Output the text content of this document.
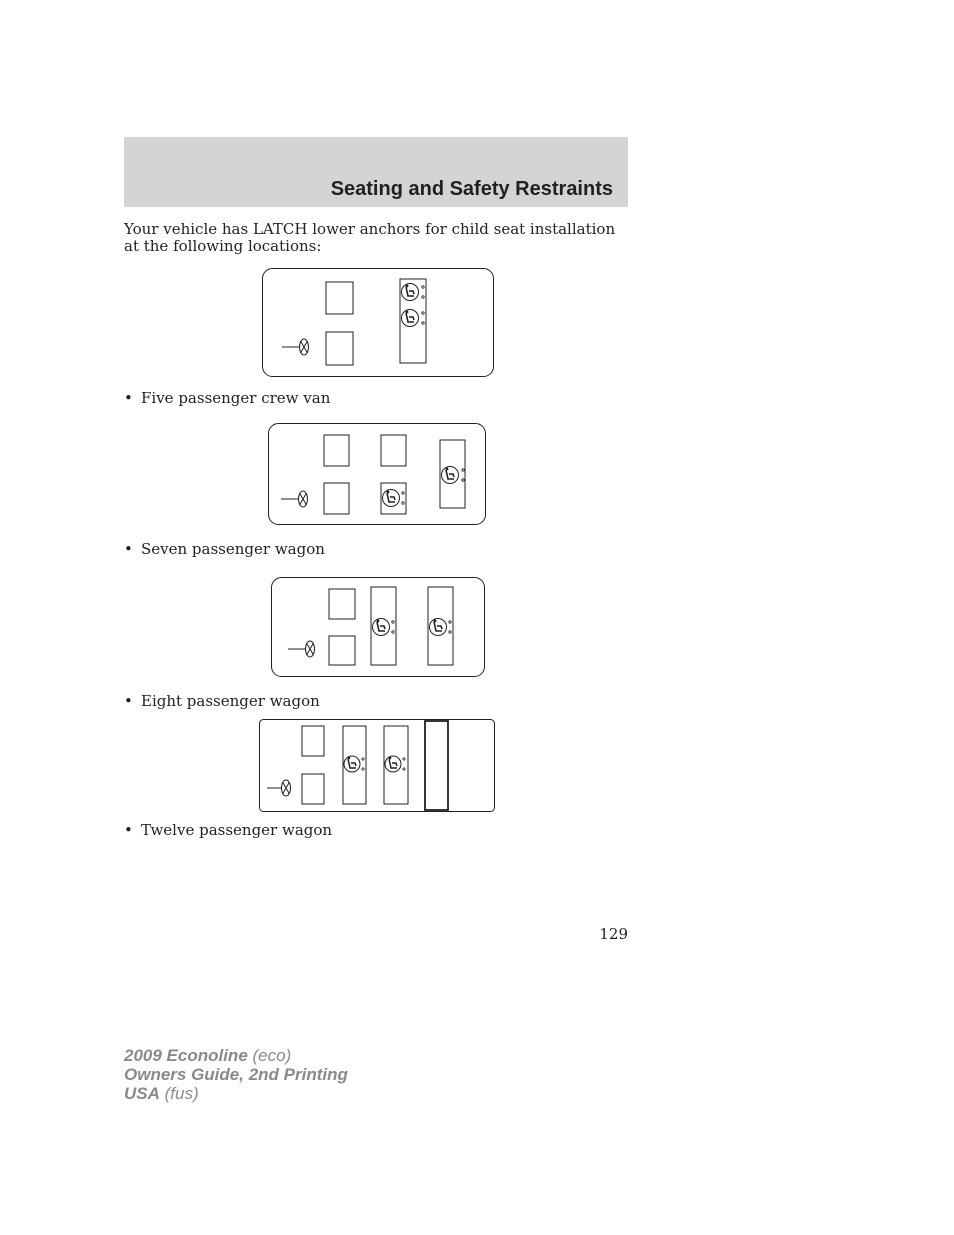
Seating and Safety Restraints

Your vehicle has LATCH lower anchors for child seat installation at the following locations:

• Five passenger crew van

• Seven passenger wagon

• Eight passenger wagon

• Twelve passenger wagon

129

2009 Econoline (eco)
Owners Guide, 2nd Printing
USA (fus)
